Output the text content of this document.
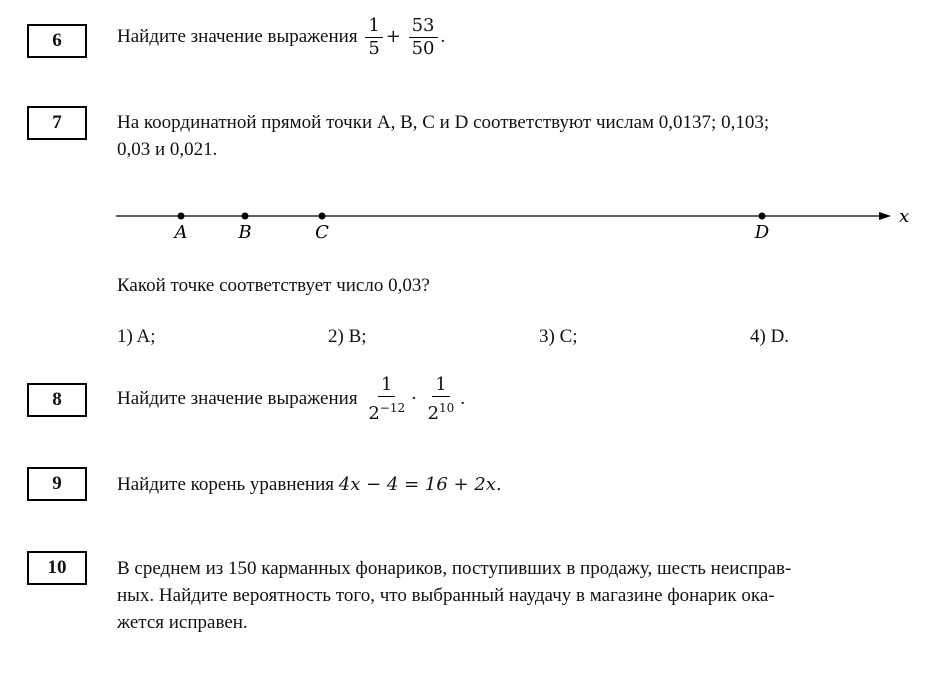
6	Найдите значение выражения $\frac{1}{5} + \frac{53}{50}$ .
7	На координатной прямой точки A, B, C и D соответствуют числам 0,0137; 0,103;
0,03 и 0,021.
x
A	B	C	D
Какой точке соответствует число 0,03?
1) A;	2) B;	3) C;	4) D.
8	Найдите значение выражения $\frac{1}{2^{-12}} \cdot \frac{1}{2^{10}}$ .
9	Найдите корень уравнения 4x − 4 = 16 + 2x.
10	В среднем из 150 карманных фонариков, поступивших в продажу, шесть неисправ-
ных. Найдите вероятность того, что выбранный наудачу в магазине фонарик ока-
жется исправен.
